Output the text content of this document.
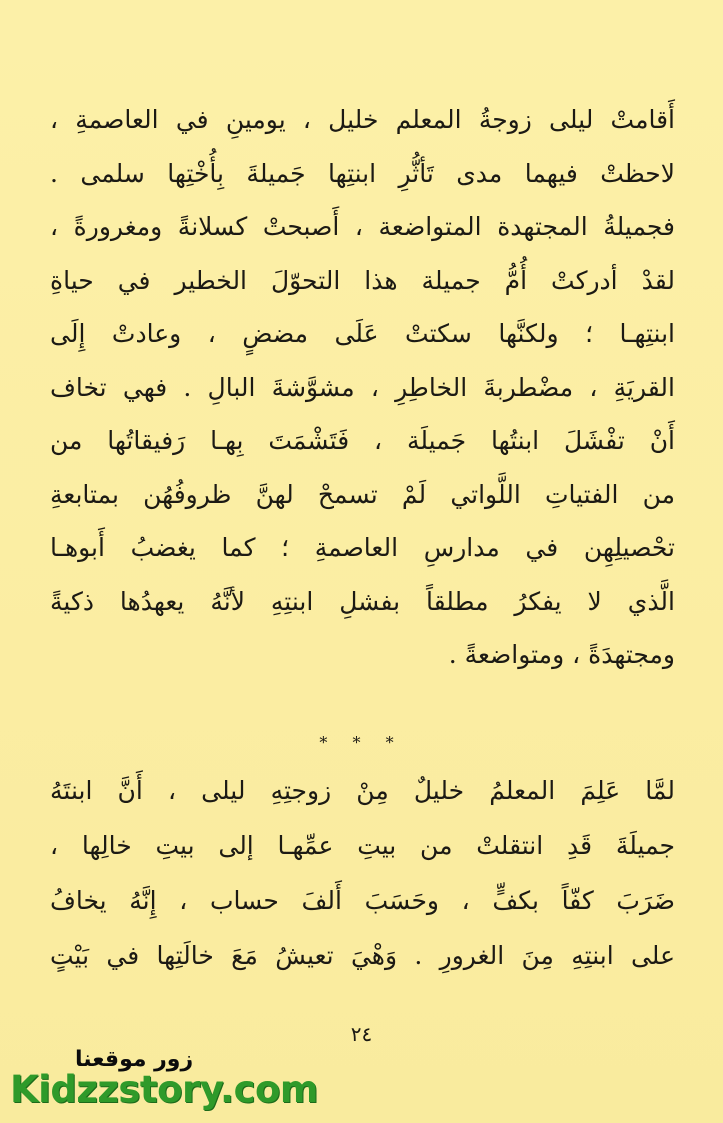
أَقامتْ ليلى زوجةُ المعلم خليل ، يومينِ في العاصمةِ ،
لاحظتْ فيهما مدى تَأثُّرِ ابنتِها جَميلةَ بِأُخْتِها سلمى .
فجميلةُ المجتهدة المتواضعة ، أَصبحتْ كسلانةً ومغرورةً ،
لقدْ أدركتْ أُمُّ جميلة هذا التحوّلَ الخطير في حياةِ
ابنتِهـا ؛ ولكنَّها سكتتْ عَلَى مضضٍ ، وعادتْ إِلَى
القريَةِ ، مضْطربةَ الخاطِرِ ، مشوَّشةَ البالِ . فهي تخاف
أَنْ تفْشَلَ ابنتُها جَميلَة ، فَتَشْمَتَ بِهـا رَفيقاتُها من
من الفتياتِ اللَّواتي لَمْ تسمحْ لهنَّ ظروفُهُن بمتابعةِ
تحْصيلِهِن في مدارسِ العاصمةِ ؛ كما يغضبُ أَبوهـا
الَّذي لا يفكرُ مطلقاً بفشلِ ابنتِهِ لأنَّهُ يعهدُها ذكيةً
ومجتهدَةً ، ومتواضعةً .
* * *
لمَّا عَلِمَ المعلمُ خليلٌ مِنْ زوجتِهِ ليلى ، أَنَّ ابنتَهُ
جميلَةَ قَدِ انتقلتْ من بيتِ عمِّهـا إلى بيتِ خالِها ،
ضَرَبَ كفّاً بكفٍّ ، وحَسَبَ أَلفَ حساب ، إِنَّهُ يخافُ
على ابنتِهِ مِنَ الغرورِ . وَهْيَ تعيشُ مَعَ خالَتِها في بَيْتٍ
٢٤
زور موقعنا
Kidzzstory.com
